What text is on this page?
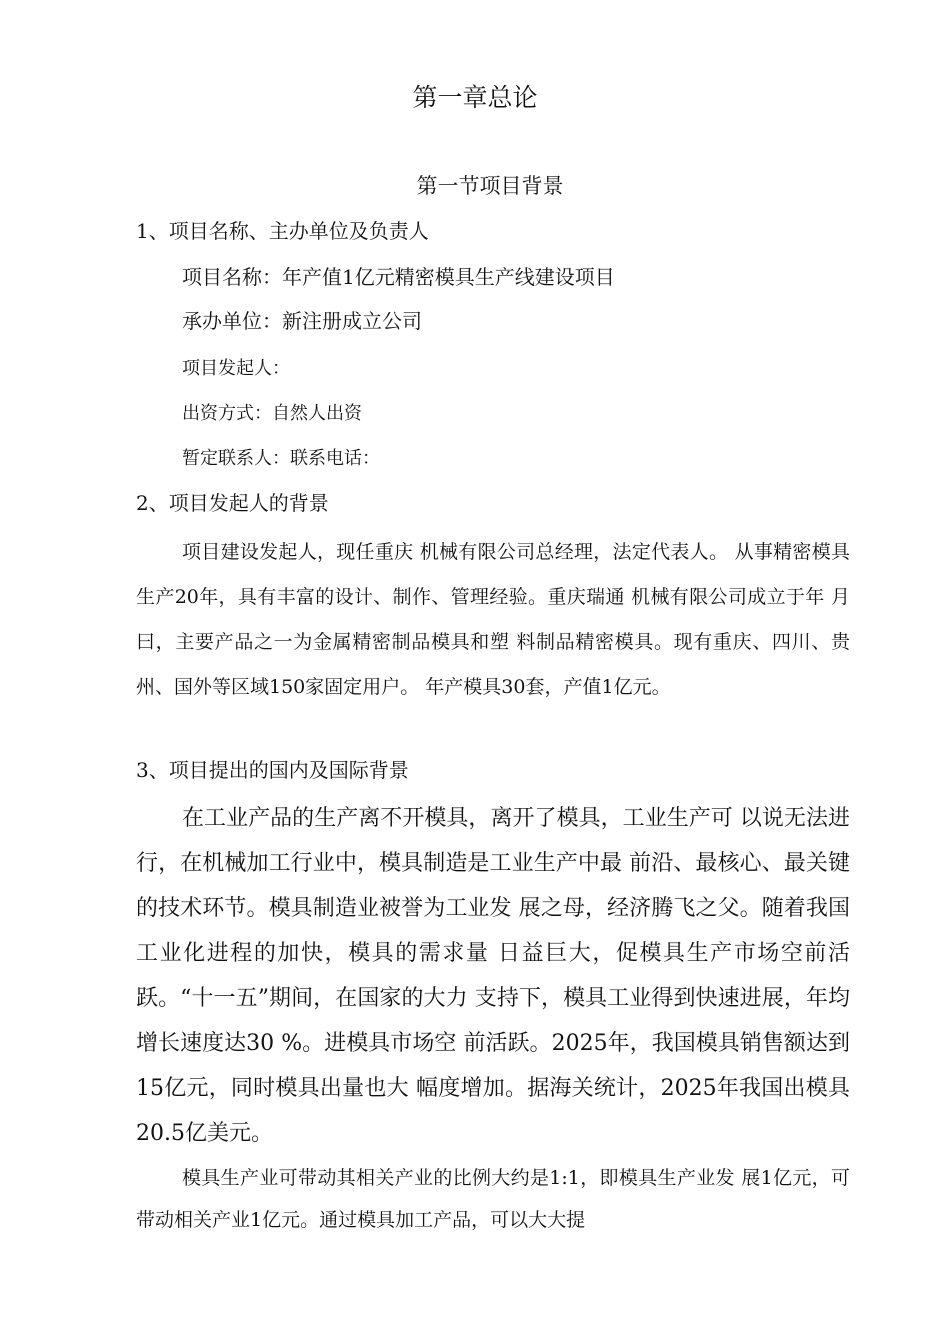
第一章总论
第一节项目背景
1、项目名称、主办单位及负责人

项目名称：年产值1亿元精密模具生产线建设项目

承办单位：新注册成立公司

项目发起人：

出资方式：自然人出资

暂定联系人：联系电话：

2、项目发起人的背景

项目建设发起人，现任重庆 机械有限公司总经理，法定代表人。 从事精密模具生产20年，具有丰富的设计、制作、管理经验。重庆瑞通 机械有限公司成立于年 月曰，主要产品之一为金属精密制品模具和塑 料制品精密模具。现有重庆、四川、贵州、国外等区域150家固定用户。 年产模具30套，产值1亿元。

3、项目提出的国内及国际背景

在工业产品的生产离不开模具，离开了模具，工业生产可 以说无法进行，在机械加工行业中，模具制造是工业生产中最 前沿、最核心、最关键的技术环节。模具制造业被誉为工业发 展之母，经济腾飞之父。随着我国工业化进程的加快，模具的需求量 日益巨大，促模具生产市场空前活跃。“十一五”期间，在国家的大力 支持下，模具工业得到快速进展，年均增长速度达30 %。进模具市场空 前活跃。2025年，我国模具销售额达到15亿元，同时模具出量也大 幅度增加。据海关统计，2025年我国出模具20.5亿美元。

模具生产业可带动其相关产业的比例大约是1:1，即模具生产业发 展1亿元，可带动相关产业1亿元。通过模具加工产品，可以大大提
